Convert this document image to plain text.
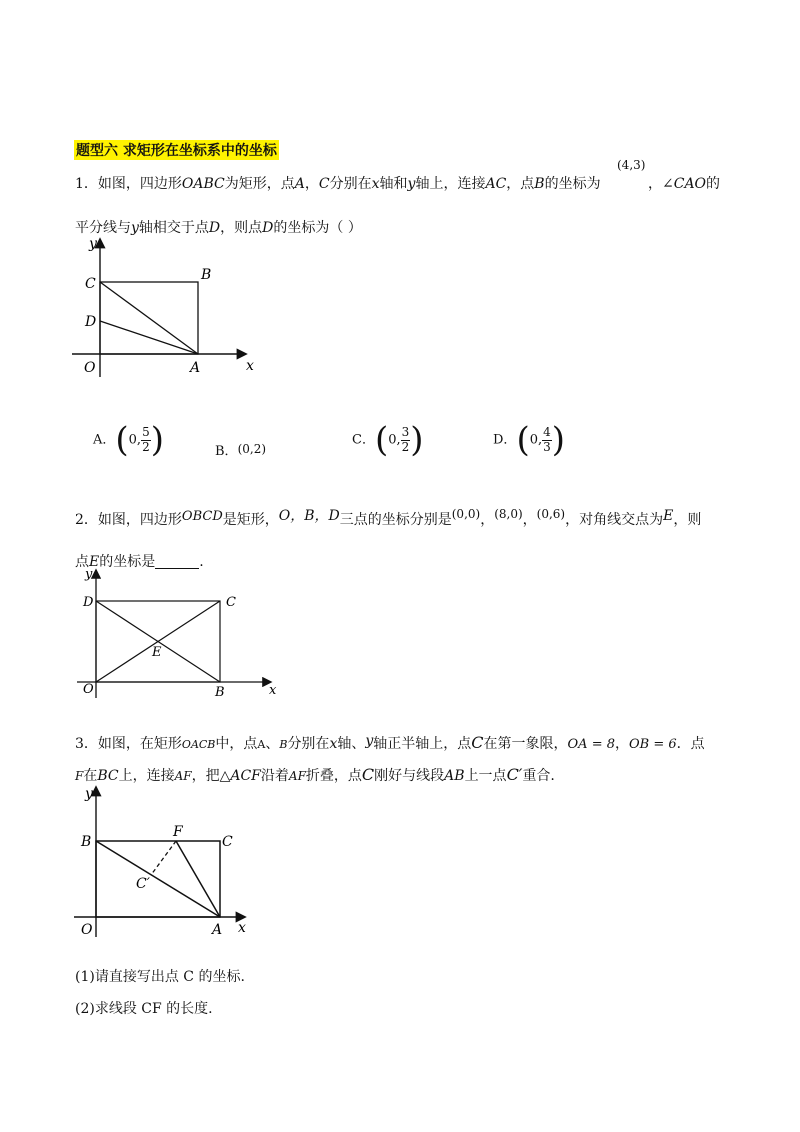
题型六 求矩形在坐标系中的坐标
1．如图，四边形OABC为矩形，点A，C分别在x轴和y轴上，连接AC，点B的坐标为
(4,3)
，∠CAO的
平分线与y轴相交于点D，则点D的坐标为（ ）
y
x
O	A
B
C
D
A．(0, $\frac{5}{2}$ )	B．(0,2)
C．(0, $\frac{3}{2}$ )	D．(0, $\frac{4}{3}$ )
2．如图，四边形OBCD是矩形，O，B，D三点的坐标分别是(0,0)，(8,0)，(0,6)，对角线交点为E，则
点E的坐标是	.
y
x
O	B
C
D
E
3．如图，在矩形OACB中，点A、B分别在x轴、y轴正半轴上，点C在第一象限，OA = 8，OB = 6．点
F在BC上，连接AF，把△ACF沿着AF折叠，点C刚好与线段AB上一点C′重合.
y
x
O	A
B	C
F
C′
(1)请直接写出点 C 的坐标.
(2)求线段 CF 的长度.
